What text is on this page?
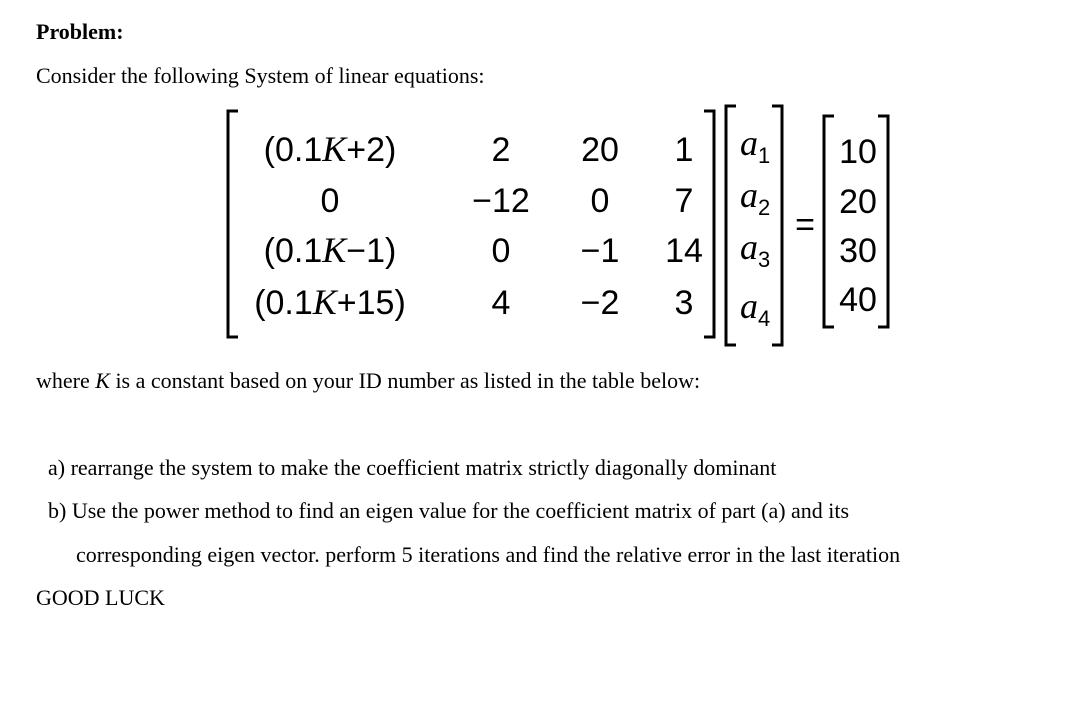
Problem:
Consider the following System of linear equations:
(0.1K+2)	2 20 1
0	−12 0 7
(0.1K−1)	0 −1 14
(0.1K+15)	4 −2 3
a1
a2
a3
a4
=
10
20
30
40
where K is a constant based on your ID number as listed in the table below:
a) rearrange the system to make the coefficient matrix strictly diagonally dominant
b) Use the power method to find an eigen value for the coefficient matrix of part (a) and its
corresponding eigen vector. perform 5 iterations and find the relative error in the last iteration
GOOD LUCK
